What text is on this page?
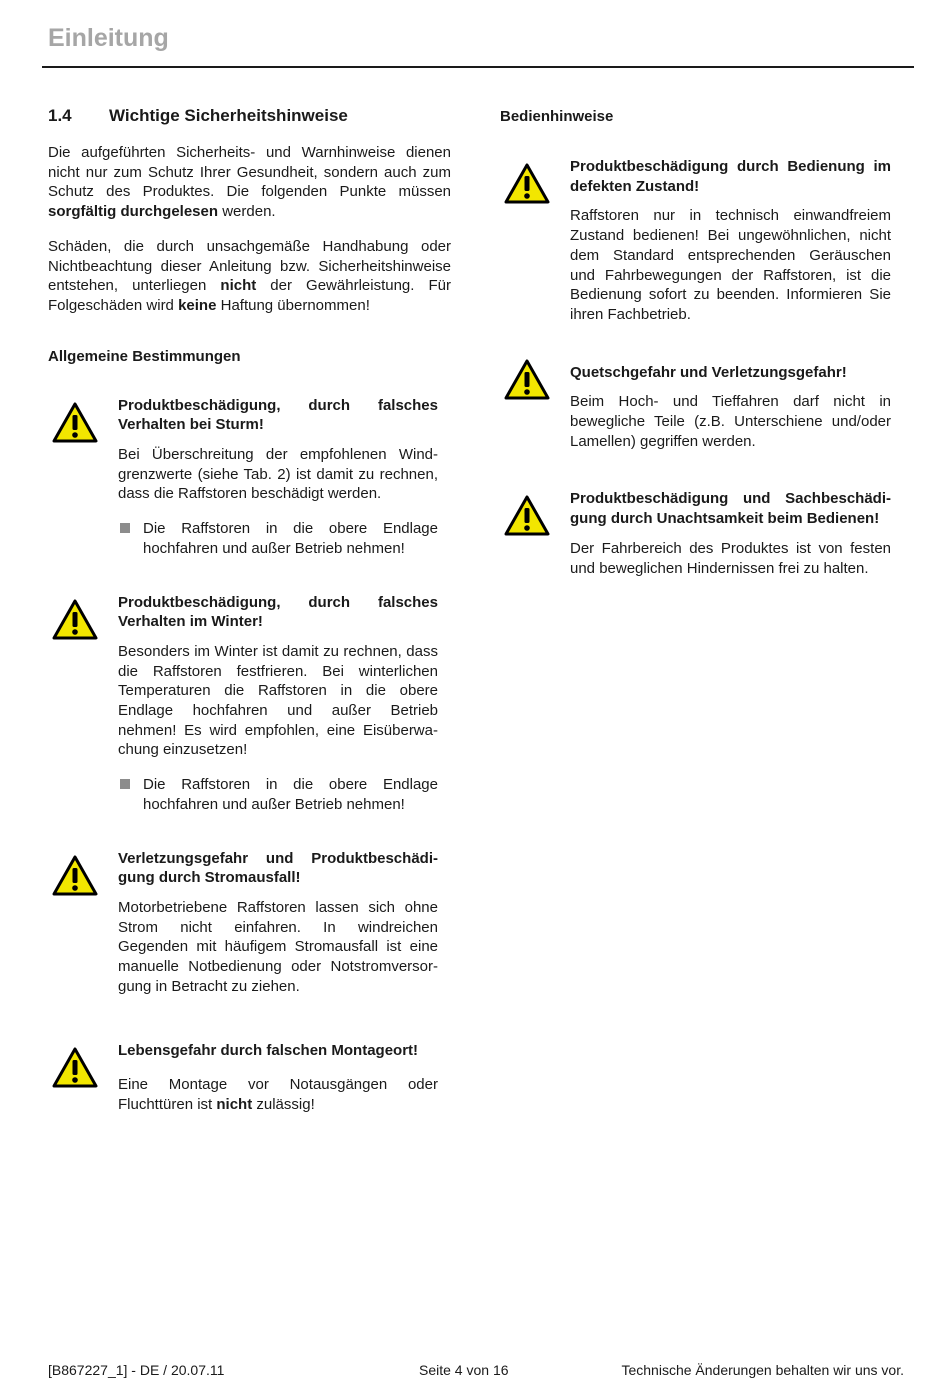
Einleitung
1.4	Wichtige Sicherheitshinweise

Die aufgeführten Sicherheits- und Warnhinweise dienen nicht nur zum Schutz Ihrer Gesundheit, sondern auch zum Schutz des Produktes. Die folgenden Punkte müssen sorgfältig durchgelesen werden.

Schäden, die durch unsachgemäße Handhabung oder Nichtbeachtung dieser Anleitung bzw. Sicherheitshinweise entstehen, unterliegen nicht der Gewährleistung. Für Folgeschäden wird keine Haftung übernommen!

Allgemeine Bestimmungen

Produktbeschädigung, durch falsches Verhalten bei Sturm!

Bei Überschreitung der empfohlenen Windgrenzwerte (siehe Tab. 2) ist damit zu rechnen, dass die Raffstoren beschädigt werden.

Die Raffstoren in die obere Endlage hochfahren und außer Betrieb nehmen!

Produktbeschädigung, durch falsches Verhalten im Winter!

Besonders im Winter ist damit zu rechnen, dass die Raffstoren festfrieren. Bei winterlichen Temperaturen die Raffstoren in die obere Endlage hochfahren und außer Betrieb nehmen! Es wird empfohlen, eine Eisüberwachung einzusetzen!

Die Raffstoren in die obere Endlage hochfahren und außer Betrieb nehmen!

Verletzungsgefahr und Produktbeschädigung durch Stromausfall!

Motorbetriebene Raffstoren lassen sich ohne Strom nicht einfahren. In windreichen Gegenden mit häufigem Stromausfall ist eine manuelle Notbedienung oder Notstromversorgung in Betracht zu ziehen.

Lebensgefahr durch falschen Montageort!

Eine Montage vor Notausgängen oder Fluchttüren ist nicht zulässig!

Bedienhinweise

Produktbeschädigung durch Bedienung im defekten Zustand!

Raffstoren nur in technisch einwandfreiem Zustand bedienen! Bei ungewöhnlichen, nicht dem Standard entsprechenden Geräuschen und Fahrbewegungen der Raffstoren, ist die Bedienung sofort zu beenden. Informieren Sie ihren Fachbetrieb.

Quetschgefahr und Verletzungsgefahr!

Beim Hoch- und Tieffahren darf nicht in bewegliche Teile (z.B. Unterschiene und/oder Lamellen) gegriffen werden.

Produktbeschädigung und Sachbeschädigung durch Unachtsamkeit beim Bedienen!

Der Fahrbereich des Produktes ist von festen und beweglichen Hindernissen frei zu halten.

[B867227_1] - DE / 20.07.11	Seite 4 von 16	Technische Änderungen behalten wir uns vor.
